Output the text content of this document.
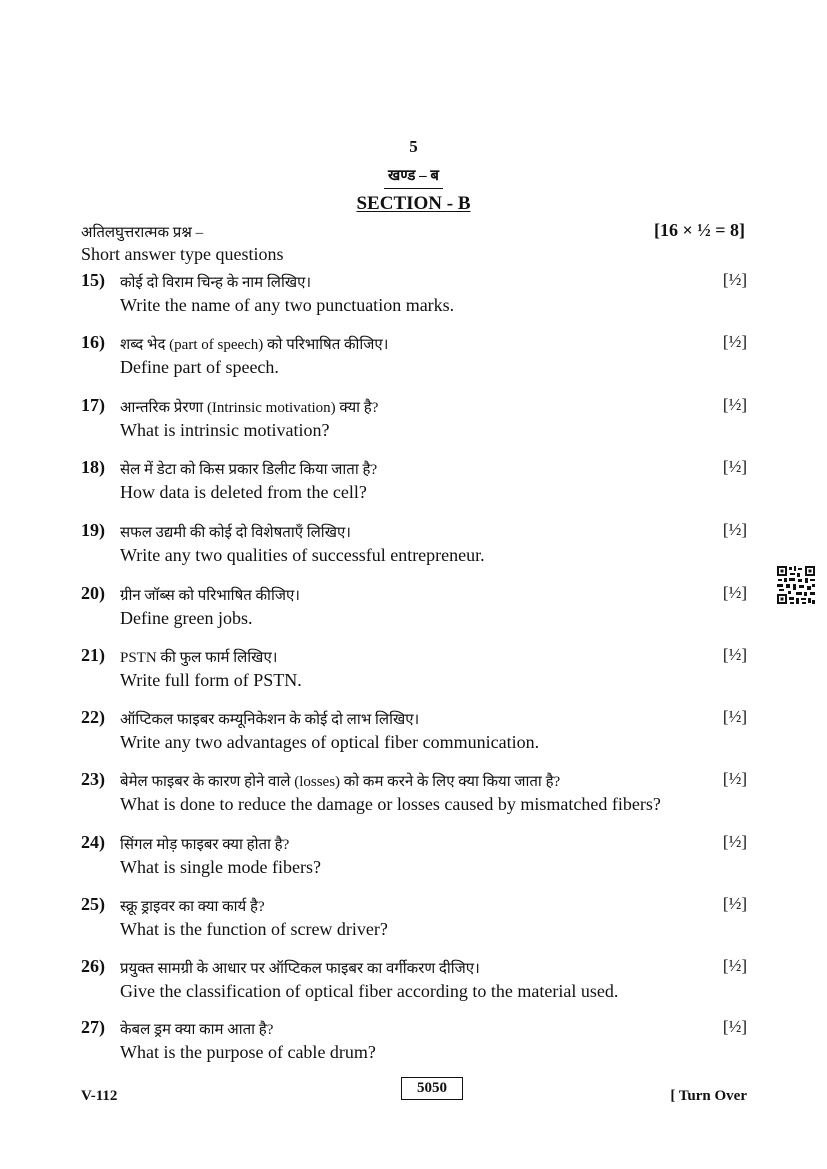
5
खण्ड – ब
SECTION - B
अतिलघुत्तरात्मक प्रश्न –	[16 × ½ = 8]
Short answer type questions
15) कोई दो विराम चिन्ह के नाम लिखिए।	[½]
Write the name of any two punctuation marks.
16) शब्द भेद (part of speech) को परिभाषित कीजिए।	[½]
Define part of speech.
17) आन्तरिक प्रेरणा (Intrinsic motivation) क्या है?	[½]
What is intrinsic motivation?
18) सेल में डेटा को किस प्रकार डिलीट किया जाता है?	[½]
How data is deleted from the cell?
19) सफल उद्यमी की कोई दो विशेषताएँ लिखिए।	[½]
Write any two qualities of successful entrepreneur.
20) ग्रीन जॉब्स को परिभाषित कीजिए।	[½]
Define green jobs.
21) PSTN की फुल फार्म लिखिए।	[½]
Write full form of PSTN.
22) ऑप्टिकल फाइबर कम्यूनिकेशन के कोई दो लाभ लिखिए।	[½]
Write any two advantages of optical fiber communication.
23) बेमेल फाइबर के कारण होने वाले (losses) को कम करने के लिए क्या किया जाता है?	[½]
What is done to reduce the damage or losses caused by mismatched fibers?
24) सिंगल मोड़ फाइबर क्या होता है?	[½]
What is single mode fibers?
25) स्क्रू ड्राइवर का क्या कार्य है?	[½]
What is the function of screw driver?
26) प्रयुक्त सामग्री के आधार पर ऑप्टिकल फाइबर का वर्गीकरण दीजिए।	[½]
Give the classification of optical fiber according to the material used.
27) केबल ड्रम क्या काम आता है?	[½]
What is the purpose of cable drum?
V-112	5050	[ Turn Over
